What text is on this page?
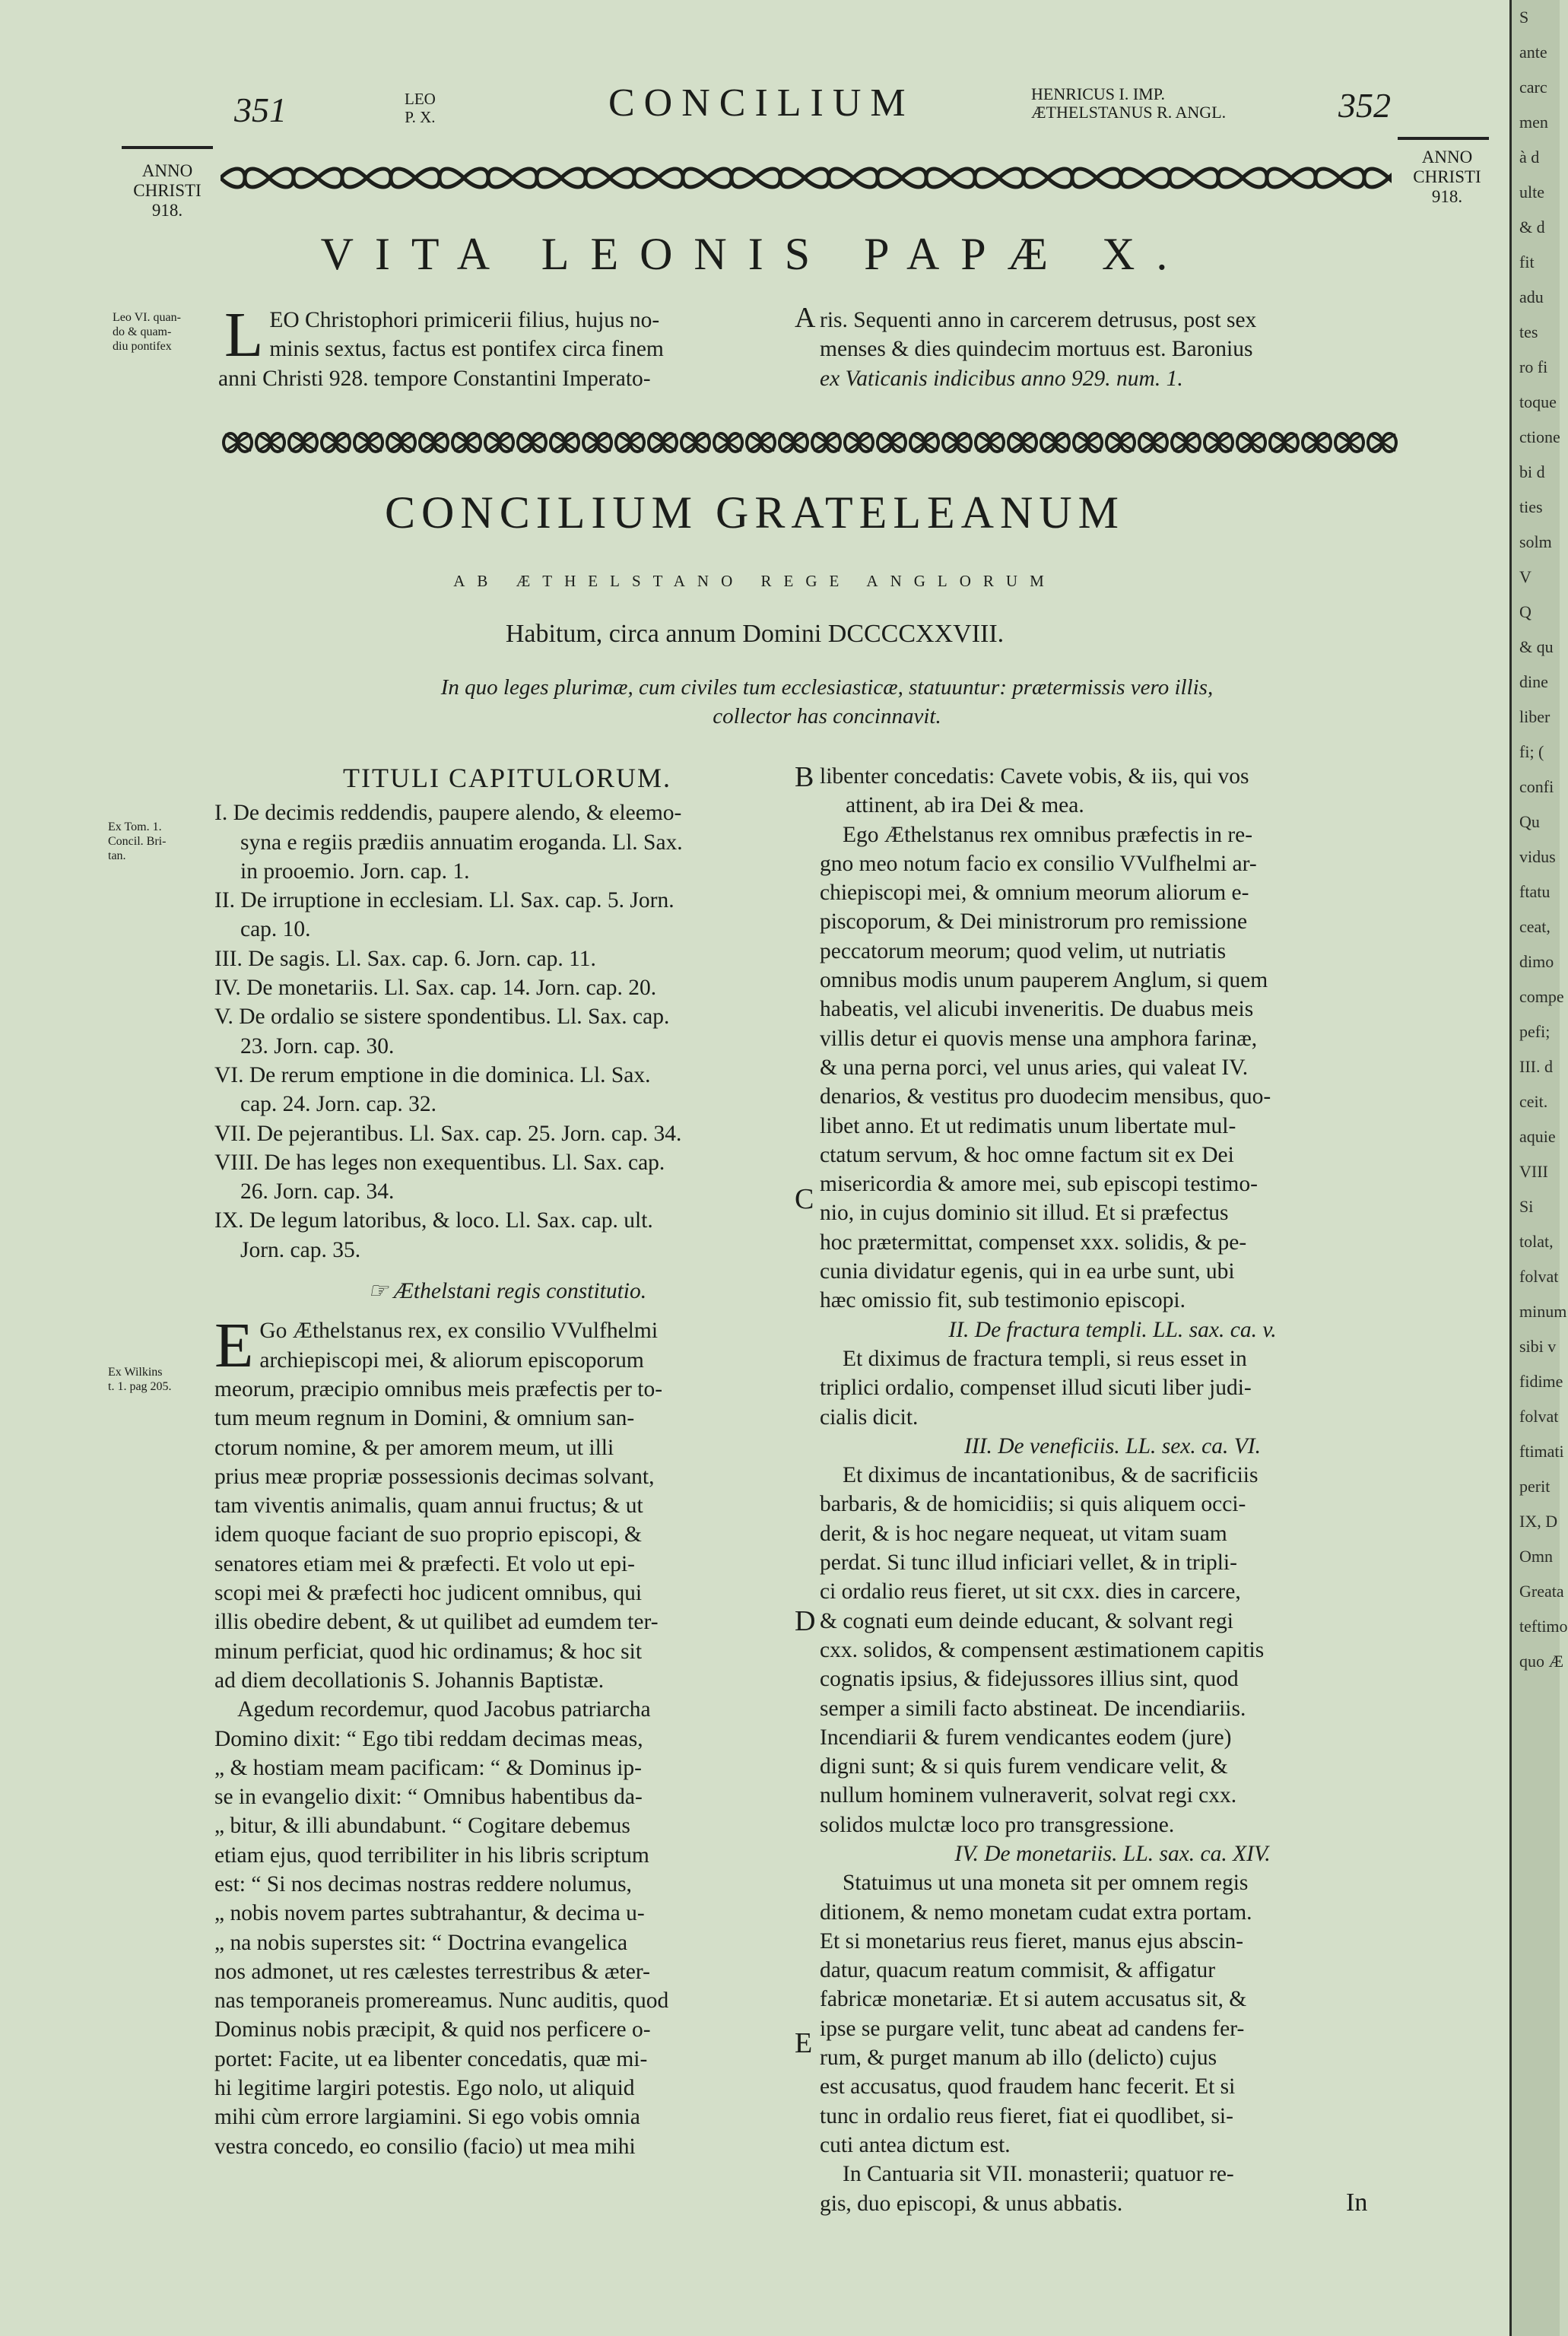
351	LEO
P. X.	CONCILIUM	HENRICUS I. IMP.
ÆTHELSTANUS R. ANGL.	352
ANNO
CHRISTI
918.
ANNO
CHRISTI
918.
VITA LEONIS PAPÆ X.
Leo VI. quan-
do & quam-
diu pontifex L EO Christophori primicerii filius, hujus no-

minis sextus, factus est pontifex circa finem

anni Christi 928. tempore Constantini Imperato-

A ris. Sequenti anno in carcerem detrusus, post sex

menses & dies quindecim mortuus est. Baronius

ex Vaticanis indicibus anno 929. num. 1.

CONCILIUM GRATELEANUM
AB ÆTHELSTANO REGE ANGLORUM
Habitum, circa annum Domini DCCCCXXVIII.
In quo leges plurimæ, cum civiles tum ecclesiasticæ, statuuntur: prætermissis vero illis,
collector has concinnavit.
Ex Tom. 1.
Concil. Bri-
tan.
Ex Wilkins
t. 1. pag 205.

TITULI CAPITULORUM.

I. De decimis reddendis, paupere alendo, & eleemo-

syna e regiis prædiis annuatim eroganda. Ll. Sax.

in prooemio. Jorn. cap. 1.

II. De irruptione in ecclesiam. Ll. Sax. cap. 5. Jorn.

cap. 10.

III. De sagis. Ll. Sax. cap. 6. Jorn. cap. 11.

IV. De monetariis. Ll. Sax. cap. 14. Jorn. cap. 20.

V. De ordalio se sistere spondentibus. Ll. Sax. cap.

23. Jorn. cap. 30.

VI. De rerum emptione in die dominica. Ll. Sax.

cap. 24. Jorn. cap. 32.

VII. De pejerantibus. Ll. Sax. cap. 25. Jorn. cap. 34.

VIII. De has leges non exequentibus. Ll. Sax. cap.

26. Jorn. cap. 34.

IX. De legum latoribus, & loco. Ll. Sax. cap. ult.

Jorn. cap. 35.

☞ Æthelstani regis constitutio.

E Go Æthelstanus rex, ex consilio VVulfhelmi

archiepiscopi mei, & aliorum episcoporum

meorum, præcipio omnibus meis præfectis per to-

tum meum regnum in Domini, & omnium san-

ctorum nomine, & per amorem meum, ut illi

prius meæ propriæ possessionis decimas solvant,

tam viventis animalis, quam annui fructus; & ut

idem quoque faciant de suo proprio episcopi, &

senatores etiam mei & præfecti. Et volo ut epi-

scopi mei & præfecti hoc judicent omnibus, qui

illis obedire debent, & ut quilibet ad eumdem ter-

minum perficiat, quod hic ordinamus; & hoc sit

ad diem decollationis S. Johannis Baptistæ.

Agedum recordemur, quod Jacobus patriarcha

Domino dixit: “ Ego tibi reddam decimas meas,

„ & hostiam meam pacificam: “ & Dominus ip-

se in evangelio dixit: “ Omnibus habentibus da-

„ bitur, & illi abundabunt. “ Cogitare debemus

etiam ejus, quod terribiliter in his libris scriptum

est: “ Si nos decimas nostras reddere nolumus,

„ nobis novem partes subtrahantur, & decima u-

„ na nobis superstes sit: “ Doctrina evangelica

nos admonet, ut res cælestes terrestribus & æter-

nas temporaneis promereamus. Nunc auditis, quod

Dominus nobis præcipit, & quid nos perficere o-

portet: Facite, ut ea libenter concedatis, quæ mi-

hi legitime largiri potestis. Ego nolo, ut aliquid

mihi cùm errore largiamini. Si ego vobis omnia

vestra concedo, eo consilio (facio) ut mea mihi

B
C
D
E

libenter concedatis: Cavete vobis, & iis, qui vos

attinent, ab ira Dei & mea.

Ego Æthelstanus rex omnibus præfectis in re-

gno meo notum facio ex consilio VVulfhelmi ar-

chiepiscopi mei, & omnium meorum aliorum e-

piscoporum, & Dei ministrorum pro remissione

peccatorum meorum; quod velim, ut nutriatis

omnibus modis unum pauperem Anglum, si quem

habeatis, vel alicubi inveneritis. De duabus meis

villis detur ei quovis mense una amphora farinæ,

& una perna porci, vel unus aries, qui valeat IV.

denarios, & vestitus pro duodecim mensibus, quo-

libet anno. Et ut redimatis unum libertate mul-

ctatum servum, & hoc omne factum sit ex Dei

misericordia & amore mei, sub episcopi testimo-

nio, in cujus dominio sit illud. Et si præfectus

hoc prætermittat, compenset xxx. solidis, & pe-

cunia dividatur egenis, qui in ea urbe sunt, ubi

hæc omissio fit, sub testimonio episcopi.

II. De fractura templi. LL. sax. ca. v.

Et diximus de fractura templi, si reus esset in

triplici ordalio, compenset illud sicuti liber judi-

cialis dicit.

III. De veneficiis. LL. sex. ca. VI.

Et diximus de incantationibus, & de sacrificiis

barbaris, & de homicidiis; si quis aliquem occi-

derit, & is hoc negare nequeat, ut vitam suam

perdat. Si tunc illud inficiari vellet, & in tripli-

ci ordalio reus fieret, ut sit cxx. dies in carcere,

& cognati eum deinde educant, & solvant regi

cxx. solidos, & compensent æstimationem capitis

cognatis ipsius, & fidejussores illius sint, quod

semper a simili facto abstineat. De incendiariis.

Incendiarii & furem vendicantes eodem (jure)

digni sunt; & si quis furem vendicare velit, &

nullum hominem vulneraverit, solvat regi cxx.

solidos mulctæ loco pro transgressione.

IV. De monetariis. LL. sax. ca. XIV.

Statuimus ut una moneta sit per omnem regis

ditionem, & nemo monetam cudat extra portam.

Et si monetarius reus fieret, manus ejus abscin-

datur, quacum reatum commisit, & affigatur

fabricæ monetariæ. Et si autem accusatus sit, &

ipse se purgare velit, tunc abeat ad candens fer-

rum, & purget manum ab illo (delicto) cujus

est accusatus, quod fraudem hanc fecerit. Et si

tunc in ordalio reus fieret, fiat ei quodlibet, si-

cuti antea dictum est.

In Cantuaria sit VII. monasterii; quatuor re-

gis, duo episcopi, & unus abbatis.	In
S
ante
carc
men
à d
ulte
& d
fit
adu
tes
ro fi
toque
ctione
bi d
ties
solm
V
Q
& qu
dine
liber
fi; (
confi
Qu
vidus
ftatu
ceat,
dimo
compe
pefi;
III. d
ceit.
aquie
VIII
Si
tolat,
folvat
minum
sibi v
fidime
folvat
ftimati
perit
IX, D
Omn
Greata
teftimo
quo Æ
